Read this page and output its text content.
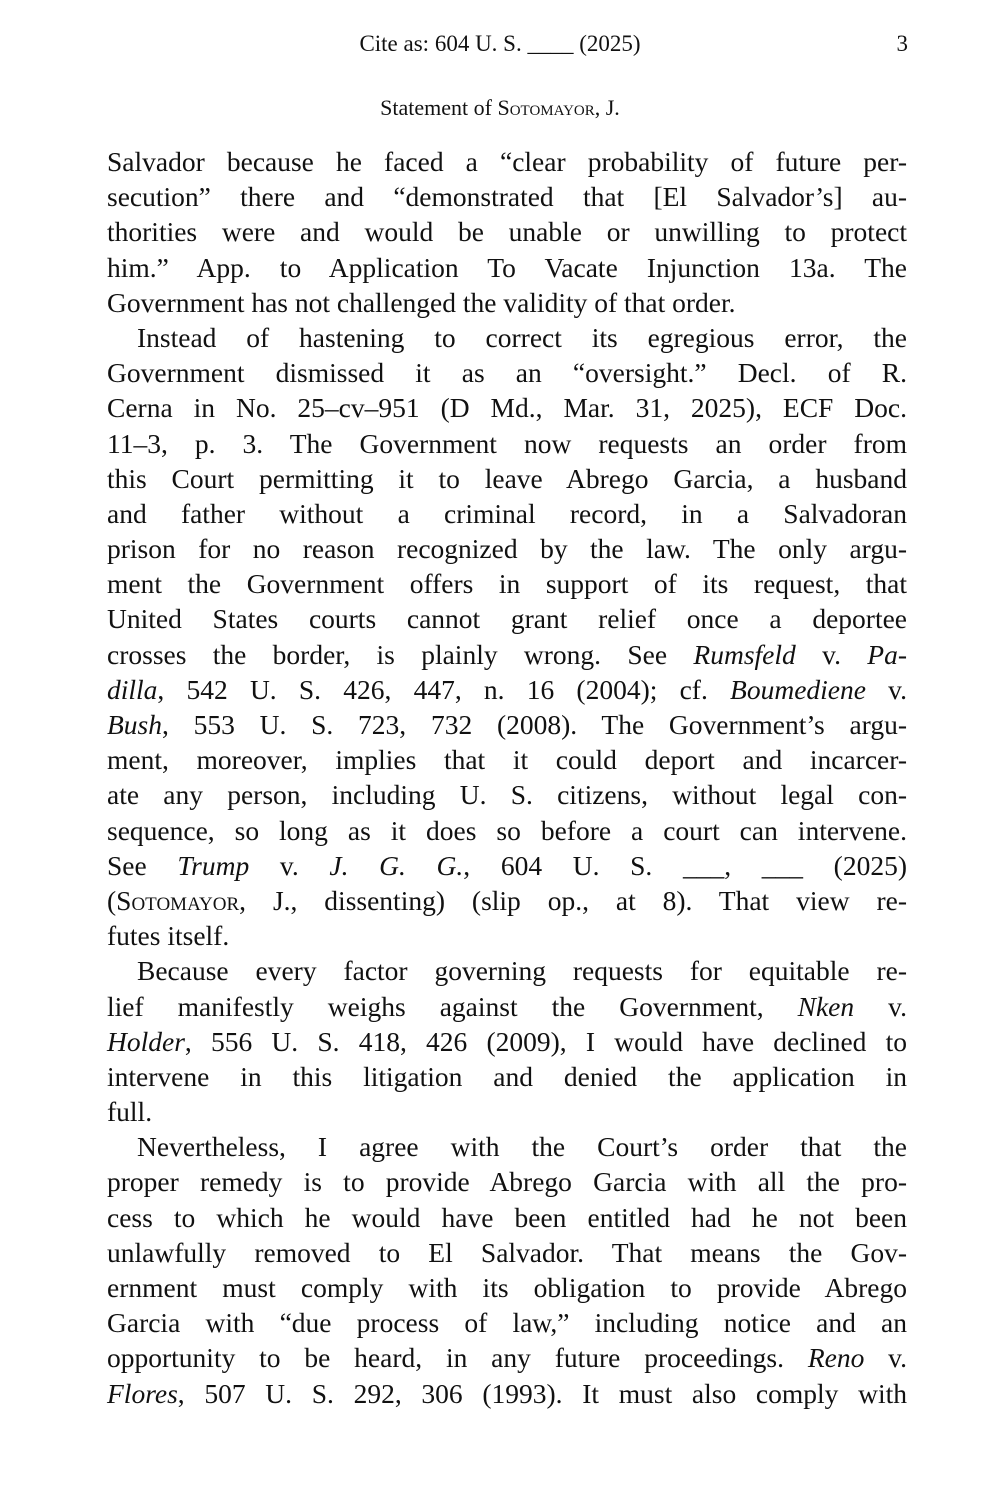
Cite as: 604 U. S. ____ (2025)	3
Statement of Sotomayor, J.
Salvador because he faced a “clear probability of future per-
secution” there and “demonstrated that [El Salvador’s] au-
thorities were and would be unable or unwilling to protect
him.” App. to Application To Vacate Injunction 13a. The
Government has not challenged the validity of that order.
Instead of hastening to correct its egregious error, the
Government dismissed it as an “oversight.” Decl. of R.
Cerna in No. 25–cv–951 (D Md., Mar. 31, 2025), ECF Doc.
11–3, p. 3. The Government now requests an order from
this Court permitting it to leave Abrego Garcia, a husband
and father without a criminal record, in a Salvadoran
prison for no reason recognized by the law. The only argu-
ment the Government offers in support of its request, that
United States courts cannot grant relief once a deportee
crosses the border, is plainly wrong. See Rumsfeld v. Pa-
dilla, 542 U. S. 426, 447, n. 16 (2004); cf. Boumediene v.
Bush, 553 U. S. 723, 732 (2008). The Government’s argu-
ment, moreover, implies that it could deport and incarcer-
ate any person, including U. S. citizens, without legal con-
sequence, so long as it does so before a court can intervene.
See Trump v. J. G. G., 604 U. S. ___, ___ (2025)
(Sotomayor, J., dissenting) (slip op., at 8). That view re-
futes itself.
Because every factor governing requests for equitable re-
lief manifestly weighs against the Government, Nken v.
Holder, 556 U. S. 418, 426 (2009), I would have declined to
intervene in this litigation and denied the application in
full.
Nevertheless, I agree with the Court’s order that the
proper remedy is to provide Abrego Garcia with all the pro-
cess to which he would have been entitled had he not been
unlawfully removed to El Salvador. That means the Gov-
ernment must comply with its obligation to provide Abrego
Garcia with “due process of law,” including notice and an
opportunity to be heard, in any future proceedings. Reno v.
Flores, 507 U. S. 292, 306 (1993). It must also comply with
